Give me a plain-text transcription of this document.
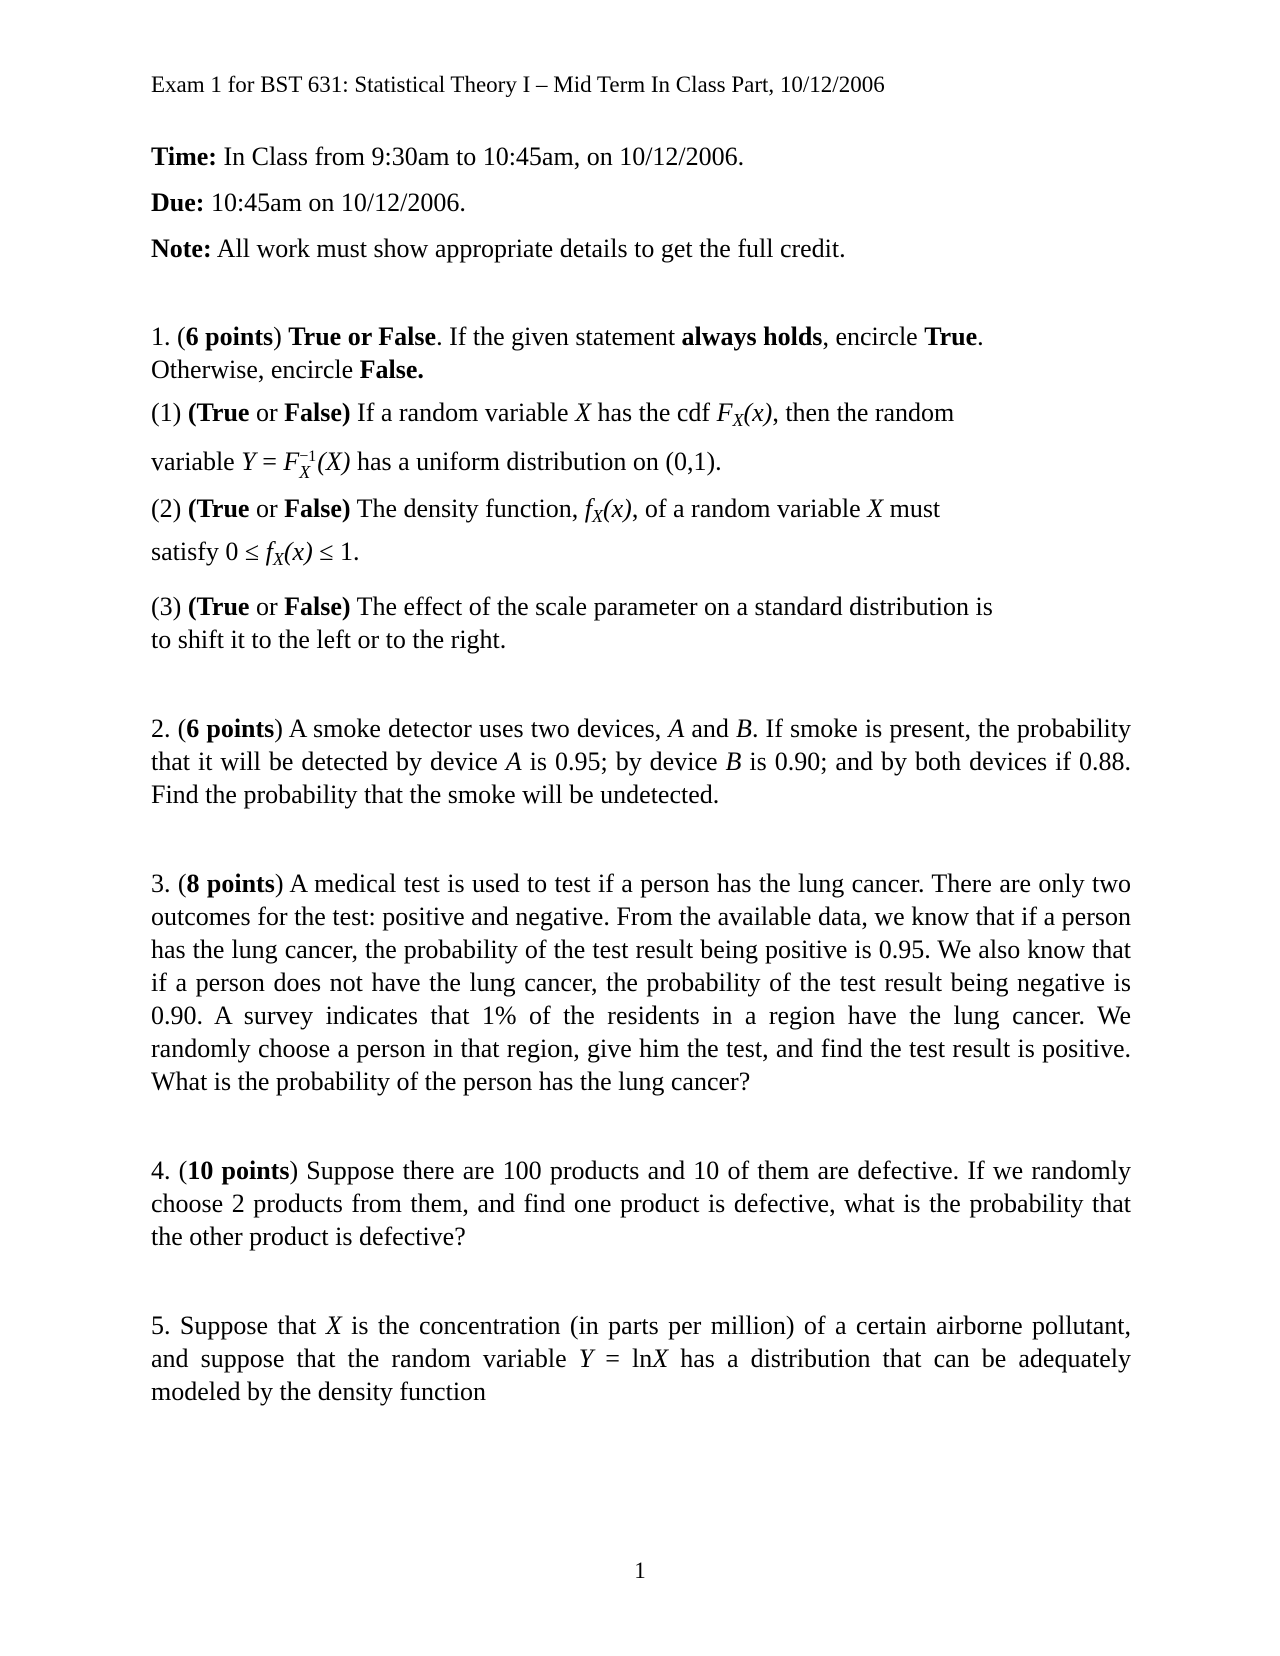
Exam 1 for BST 631: Statistical Theory I – Mid Term In Class Part, 10/12/2006

Time: In Class from 9:30am to 10:45am, on 10/12/2006.

Due: 10:45am on 10/12/2006.

Note: All work must show appropriate details to get the full credit.

1. (6 points) True or False. If the given statement always holds, encircle True.
Otherwise, encircle False.
(1) (True or False) If a random variable X has the cdf $F_X(x)$, then the random
variable Y = F −1
X (X) has a uniform distribution on (0,1).
(2) (True or False) The density function, $f_X(x)$, of a random variable X must
satisfy $0 \le f_X(x) \le 1$.
(3) (True or False) The effect of the scale parameter on a standard distribution is
to shift it to the left or to the right.
2. (6 points) A smoke detector uses two devices, A and B. If smoke is present, the probability that it will be detected by device A is 0.95; by device B is 0.90; and by both devices if 0.88. Find the probability that the smoke will be undetected.
3. (8 points) A medical test is used to test if a person has the lung cancer. There are only two outcomes for the test: positive and negative. From the available data, we know that if a person has the lung cancer, the probability of the test result being positive is 0.95. We also know that if a person does not have the lung cancer, the probability of the test result being negative is 0.90. A survey indicates that 1% of the residents in a region have the lung cancer. We randomly choose a person in that region, give him the test, and find the test result is positive. What is the probability of the person has the lung cancer?
4. (10 points) Suppose there are 100 products and 10 of them are defective. If we randomly choose 2 products from them, and find one product is defective, what is the probability that the other product is defective?
5. Suppose that X is the concentration (in parts per million) of a certain airborne pollutant, and suppose that the random variable Y = lnX has a distribution that can be adequately modeled by the density function
1
